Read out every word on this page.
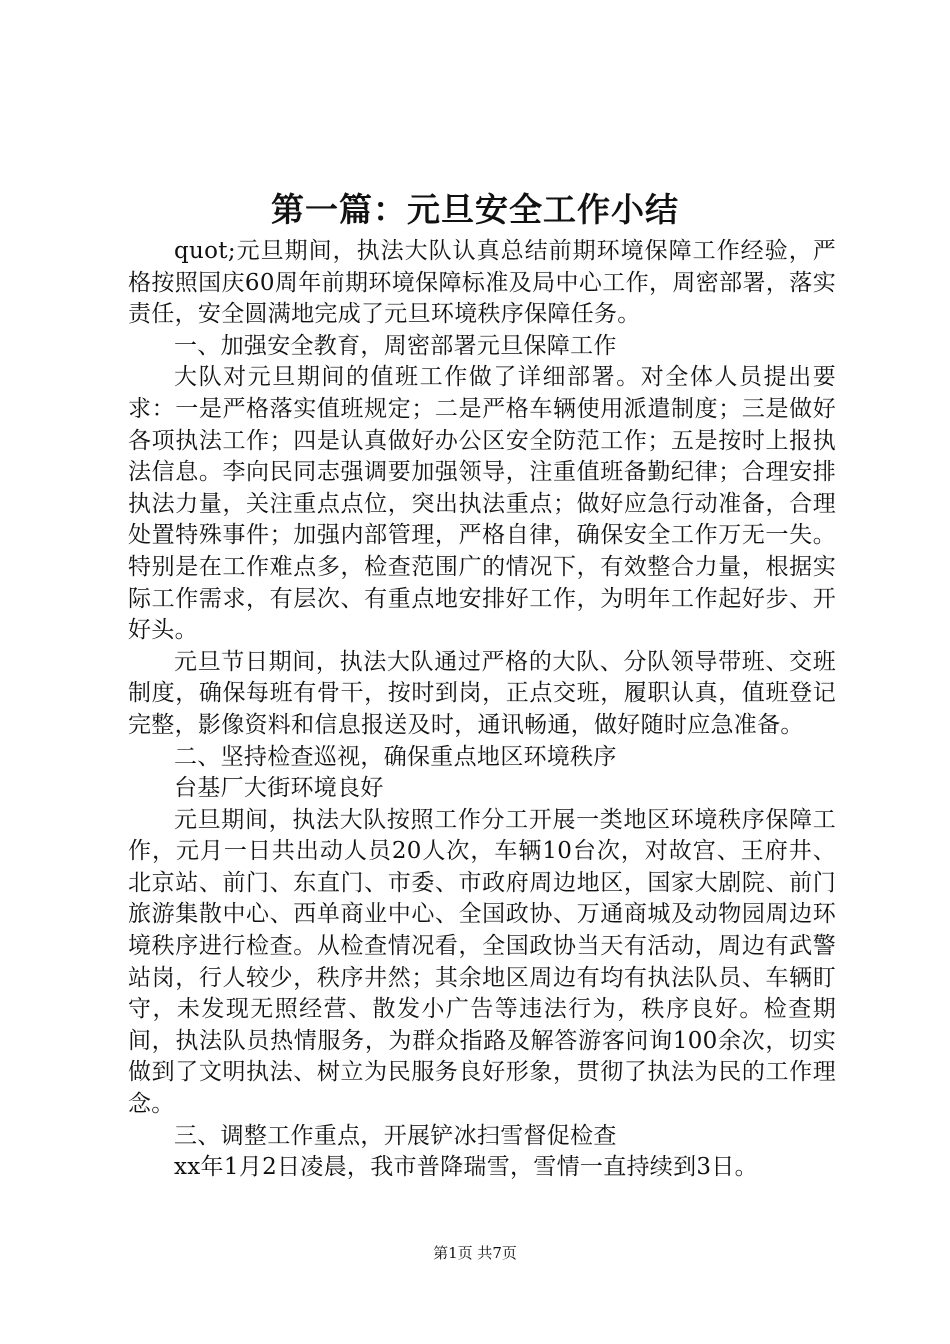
第一篇：元旦安全工作小结

quot;元旦期间，执法大队认真总结前期环境保障工作经验，严格按照国庆60周年前期环境保障标准及局中心工作，周密部署，落实责任，安全圆满地完成了元旦环境秩序保障任务。

一、加强安全教育，周密部署元旦保障工作

大队对元旦期间的值班工作做了详细部署。对全体人员提出要求：一是严格落实值班规定；二是严格车辆使用派遣制度；三是做好各项执法工作；四是认真做好办公区安全防范工作；五是按时上报执法信息。李向民同志强调要加强领导，注重值班备勤纪律；合理安排执法力量，关注重点点位，突出执法重点；做好应急行动准备，合理处置特殊事件；加强内部管理，严格自律，确保安全工作万无一失。特别是在工作难点多，检查范围广的情况下，有效整合力量，根据实际工作需求，有层次、有重点地安排好工作，为明年工作起好步、开好头。

元旦节日期间，执法大队通过严格的大队、分队领导带班、交班制度，确保每班有骨干，按时到岗，正点交班，履职认真，值班登记完整，影像资料和信息报送及时，通讯畅通，做好随时应急准备。

二、坚持检查巡视，确保重点地区环境秩序

台基厂大街环境良好

元旦期间，执法大队按照工作分工开展一类地区环境秩序保障工作，元月一日共出动人员20人次，车辆10台次，对故宫、王府井、北京站、前门、东直门、市委、市政府周边地区，国家大剧院、前门旅游集散中心、西单商业中心、全国政协、万通商城及动物园周边环境秩序进行检查。从检查情况看，全国政协当天有活动，周边有武警站岗，行人较少，秩序井然；其余地区周边有均有执法队员、车辆盯守，未发现无照经营、散发小广告等违法行为，秩序良好。检查期间，执法队员热情服务，为群众指路及解答游客问询100余次，切实做到了文明执法、树立为民服务良好形象，贯彻了执法为民的工作理念。

三、调整工作重点，开展铲冰扫雪督促检查

xx年1月2日凌晨，我市普降瑞雪，雪情一直持续到3日。

第1页 共7页
